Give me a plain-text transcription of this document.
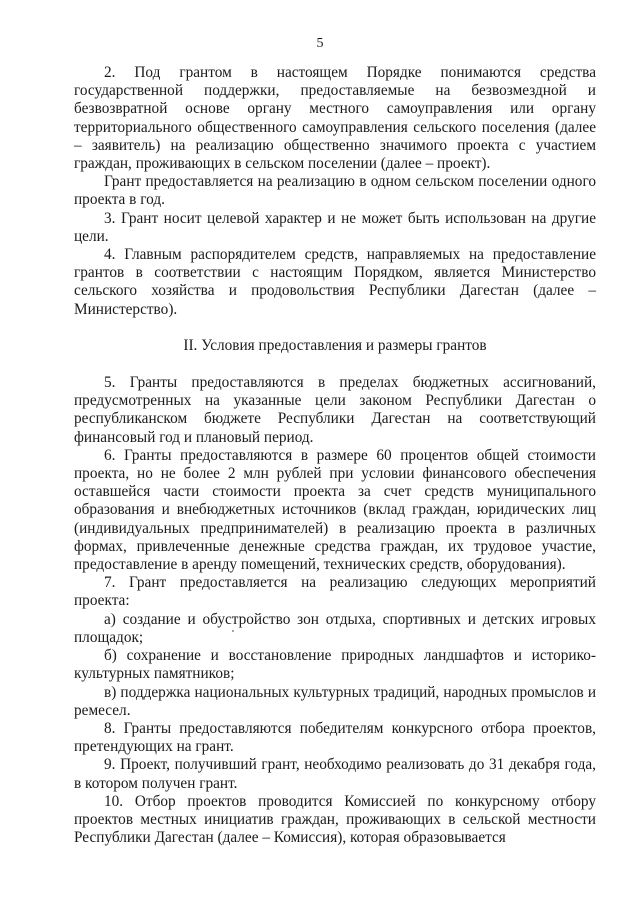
5

2. Под грантом в настоящем Порядке понимаются средства государственной поддержки, предоставляемые на безвозмездной и безвозвратной основе органу местного самоуправления или органу территориального общественного самоуправления сельского поселения (далее – заявитель) на реализацию общественно значимого проекта с участием граждан, проживающих в сельском поселении (далее – проект).

Грант предоставляется на реализацию в одном сельском поселении одного проекта в год.

3. Грант носит целевой характер и не может быть использован на другие цели.

4. Главным распорядителем средств, направляемых на предоставление грантов в соответствии с настоящим Порядком, является Министерство сельского хозяйства и продовольствия Республики Дагестан (далее – Министерство).

II. Условия предоставления и размеры грантов

5. Гранты предоставляются в пределах бюджетных ассигнований, предусмотренных на указанные цели законом Республики Дагестан о республиканском бюджете Республики Дагестан на соответствующий финансовый год и плановый период.

6. Гранты предоставляются в размере 60 процентов общей стоимости проекта, но не более 2 млн рублей при условии финансового обеспечения оставшейся части стоимости проекта за счет средств муниципального образования и внебюджетных источников (вклад граждан, юридических лиц (индивидуальных предпринимателей) в реализацию проекта в различных формах, привлеченные денежные средства граждан, их трудовое участие, предоставление в аренду помещений, технических средств, оборудования).

7. Грант предоставляется на реализацию следующих мероприятий проекта:

а) создание и обустройство зон отдыха, спортивных и детских игровых площадок;

б) сохранение и восстановление природных ландшафтов и историко-культурных памятников;

в) поддержка национальных культурных традиций, народных промыслов и ремесел.

8. Гранты предоставляются победителям конкурсного отбора проектов, претендующих на грант.

9. Проект, получивший грант, необходимо реализовать до 31 декабря года, в котором получен грант.

10. Отбор проектов проводится Комиссией по конкурсному отбору проектов местных инициатив граждан, проживающих в сельской местности Республики Дагестан (далее – Комиссия), которая образовывается
